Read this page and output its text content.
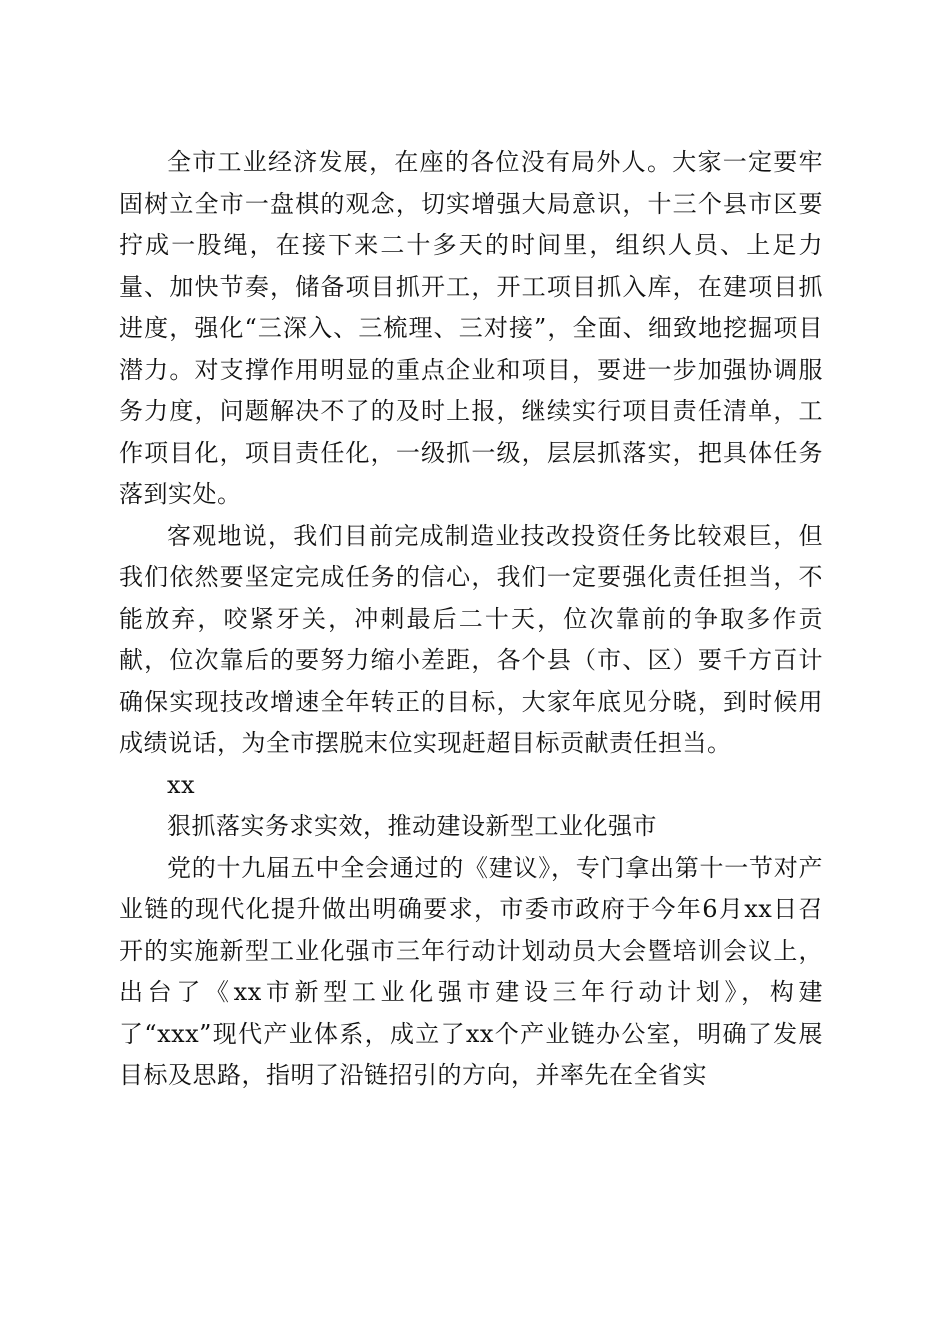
全市工业经济发展，在座的各位没有局外人。大家一定要牢固树立全市一盘棋的观念，切实增强大局意识，十三个县市区要拧成一股绳，在接下来二十多天的时间里，组织人员、上足力量、加快节奏，储备项目抓开工，开工项目抓入库，在建项目抓进度，强化“三深入、三梳理、三对接”，全面、细致地挖掘项目潜力。对支撑作用明显的重点企业和项目，要进一步加强协调服务力度，问题解决不了的及时上报，继续实行项目责任清单，工作项目化，项目责任化，一级抓一级，层层抓落实，把具体任务落到实处。

客观地说，我们目前完成制造业技改投资任务比较艰巨，但我们依然要坚定完成任务的信心，我们一定要强化责任担当，不能放弃，咬紧牙关，冲刺最后二十天，位次靠前的争取多作贡献，位次靠后的要努力缩小差距，各个县（市、区）要千方百计确保实现技改增速全年转正的目标，大家年底见分晓，到时候用成绩说话，为全市摆脱末位实现赶超目标贡献责任担当。

xx

狠抓落实务求实效，推动建设新型工业化强市

党的十九届五中全会通过的《建议》，专门拿出第十一节对产业链的现代化提升做出明确要求，市委市政府于今年6月xx日召开的实施新型工业化强市三年行动计划动员大会暨培训会议上，出台了《xx市新型工业化强市建设三年行动计划》，构建了“xxx”现代产业体系，成立了xx个产业链办公室，明确了发展目标及思路，指明了沿链招引的方向，并率先在全省实
